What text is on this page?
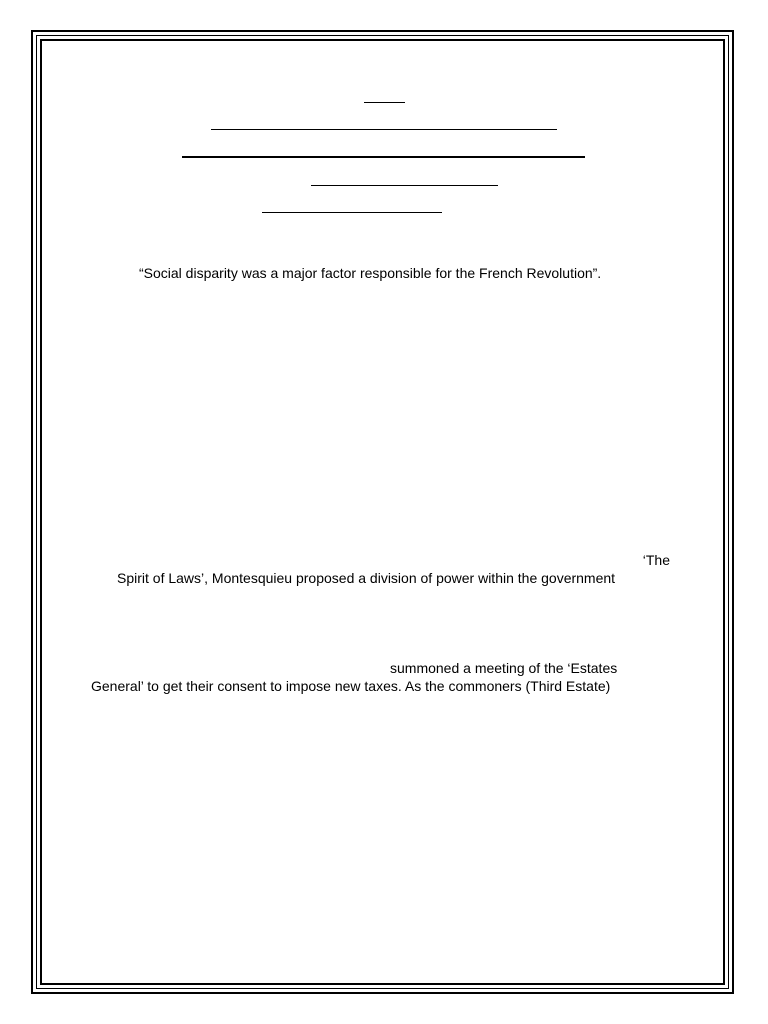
“Social disparity was a major factor responsible for the French Revolution”.
‘The
Spirit of Laws’, Montesquieu proposed a division of power within the government
summoned a meeting of the ‘Estates
General’ to get their consent to impose new taxes. As the commoners (Third Estate)
